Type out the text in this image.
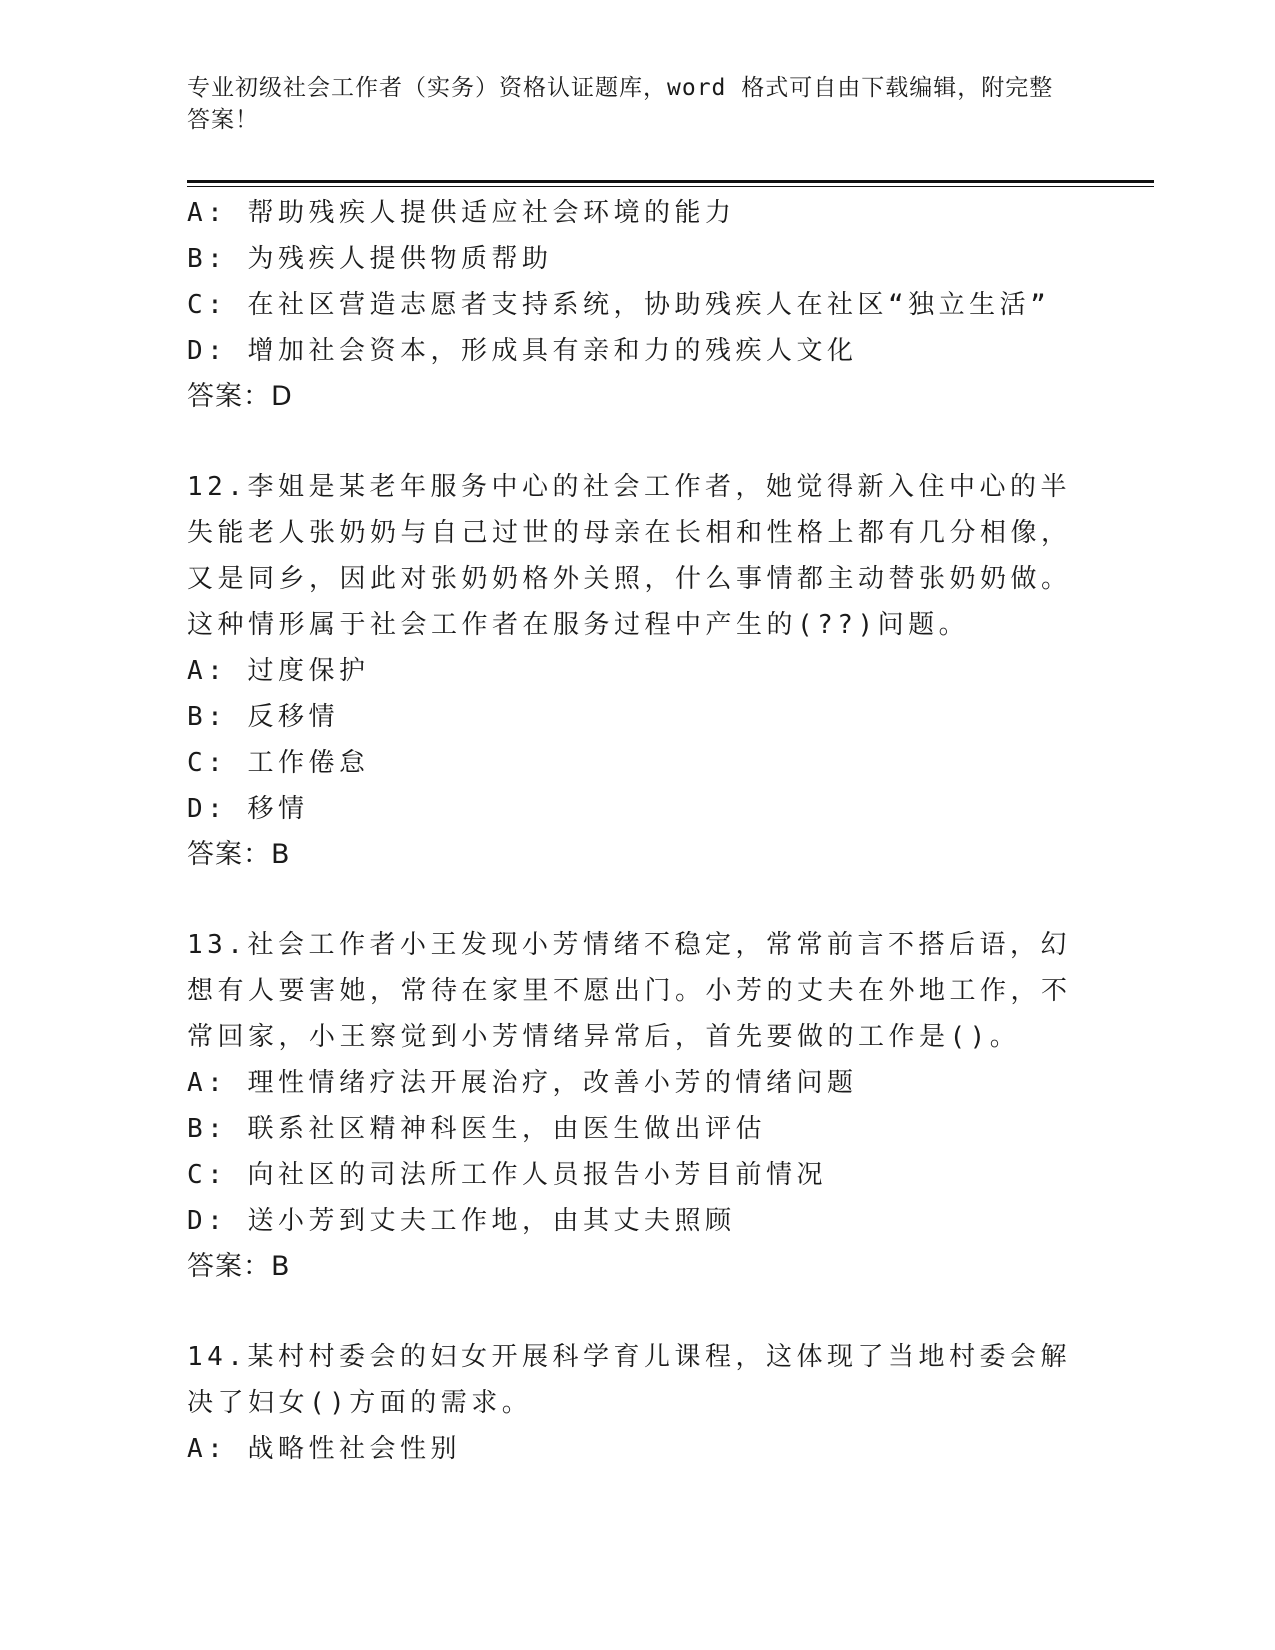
专业初级社会工作者（实务）资格认证题库，word 格式可自由下载编辑，附完整答案！
A: 帮助残疾人提供适应社会环境的能力
B: 为残疾人提供物质帮助
C: 在社区营造志愿者支持系统，协助残疾人在社区“独立生活”
D: 增加社会资本，形成具有亲和力的残疾人文化
答案：D
12.李姐是某老年服务中心的社会工作者，她觉得新入住中心的半失能老人张奶奶与自己过世的母亲在长相和性格上都有几分相像，又是同乡，因此对张奶奶格外关照，什么事情都主动替张奶奶做。这种情形属于社会工作者在服务过程中产生的(??)问题。
A: 过度保护
B: 反移情
C: 工作倦怠
D: 移情
答案：B
13.社会工作者小王发现小芳情绪不稳定，常常前言不搭后语，幻想有人要害她，常待在家里不愿出门。小芳的丈夫在外地工作，不常回家，小王察觉到小芳情绪异常后，首先要做的工作是()。
A: 理性情绪疗法开展治疗，改善小芳的情绪问题
B: 联系社区精神科医生，由医生做出评估
C: 向社区的司法所工作人员报告小芳目前情况
D: 送小芳到丈夫工作地，由其丈夫照顾
答案：B
14.某村村委会的妇女开展科学育儿课程，这体现了当地村委会解决了妇女()方面的需求。
A: 战略性社会性别
